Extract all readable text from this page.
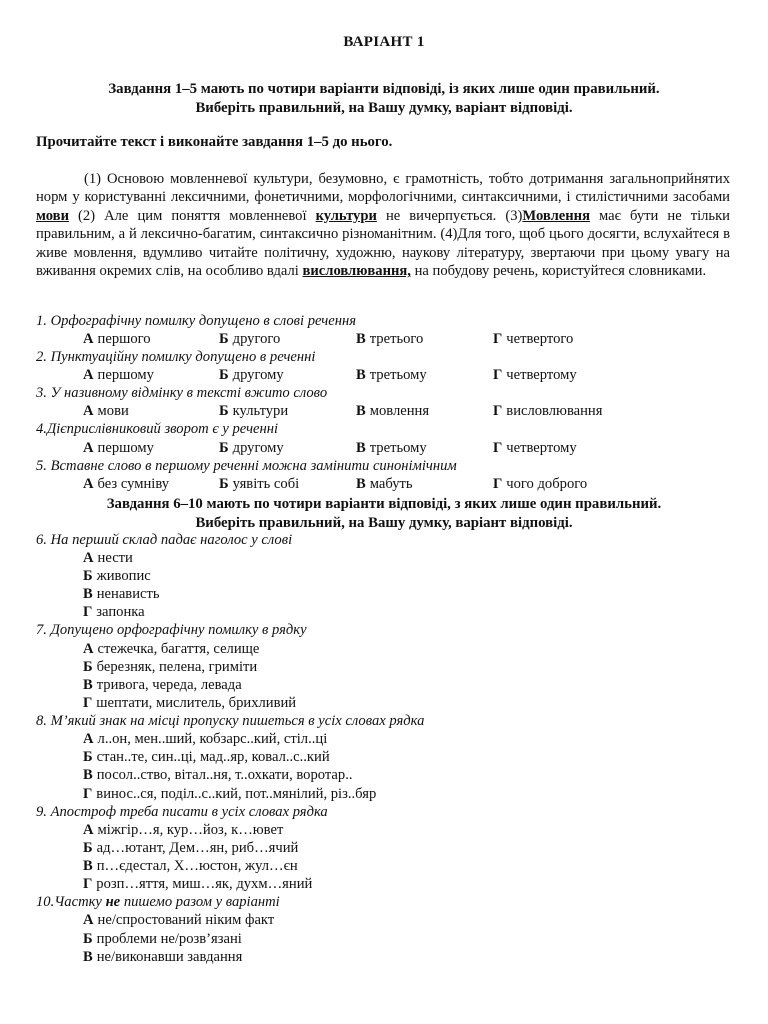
ВАРІАНТ 1
Завдання 1–5 мають по чотири варіанти відповіді, із яких лише один правильний.
Виберіть правильний, на Вашу думку, варіант відповіді.
Прочитайте текст і виконайте завдання 1–5 до нього.
(1) Основою мовленневої культури, безумовно, є грамотність, тобто дотримання загальноприйнятих норм у користуванні лексичними, фонетичними, морфологічними, синтаксичними, і стилістичними засобами мови (2) Але цим поняття мовленневої культури не вичерпується. (3)Мовлення має бути не тільки правильним, а й лексично-багатим, синтаксично різноманітним. (4)Для того, щоб цього досягти, вслухайтеся в живе мовлення, вдумливо читайте політичну, художню, наукову літературу, звертаючи при цьому увагу на вживання окремих слів, на особливо вдалі висловлювання, на побудову речень, користуйтеся словниками.
1. Орфографічну помилку допущено в слові речення
А першого	Б другого	В третього	Г четвертого
2. Пунктуаційну помилку допущено в реченні
А першому	Б другому	В третьому	Г четвертому
3. У називному відмінку в тексті вжито слово
А мови	Б культури	В мовлення	Г висловлювання
4.Дієприслівниковий зворот є у реченні
А першому	Б другому	В третьому	Г четвертому
5. Вставне слово в першому реченні можна замінити синонімічним
А без сумніву	Б уявіть собі	В мабуть	Г чого доброго
Завдання 6–10 мають по чотири варіанти відповіді, з яких лише один правильний.
Виберіть правильний, на Вашу думку, варіант відповіді.
6. На перший склад падає наголос у слові
А нести
Б живопис
В ненависть
Г запонка
7. Допущено орфографічну помилку в рядку
А стежечка, багаття, селище
Б березняк, пелена, гриміти
В тривога, череда, левада
Г шептати, мислитель, брихливий
8. М’який знак на місці пропуску пишеться в усіх словах рядка
А л..он, мен..ший, кобзарс..кий, стіл..ці
Б стан..те, син..ці, мад..яр, ковал..с..кий
В посол..ство, вітал..ня, т..охкати, воротар..
Г винос..ся, поділ..с..кий, пот..мянілий, різ..бяр
9. Апостроф треба писати в усіх словах рядка
А міжгір…я, кур…йоз, к…ювет
Б ад…ютант, Дем…ян, риб…ячий
В п…єдестал, Х…юстон, жул…єн
Г розп…яття, миш…як, духм…яний
10.Частку не пишемо разом у варіанті
А не/спростований ніким факт
Б проблеми не/розв’язані
В не/виконавши завдання
